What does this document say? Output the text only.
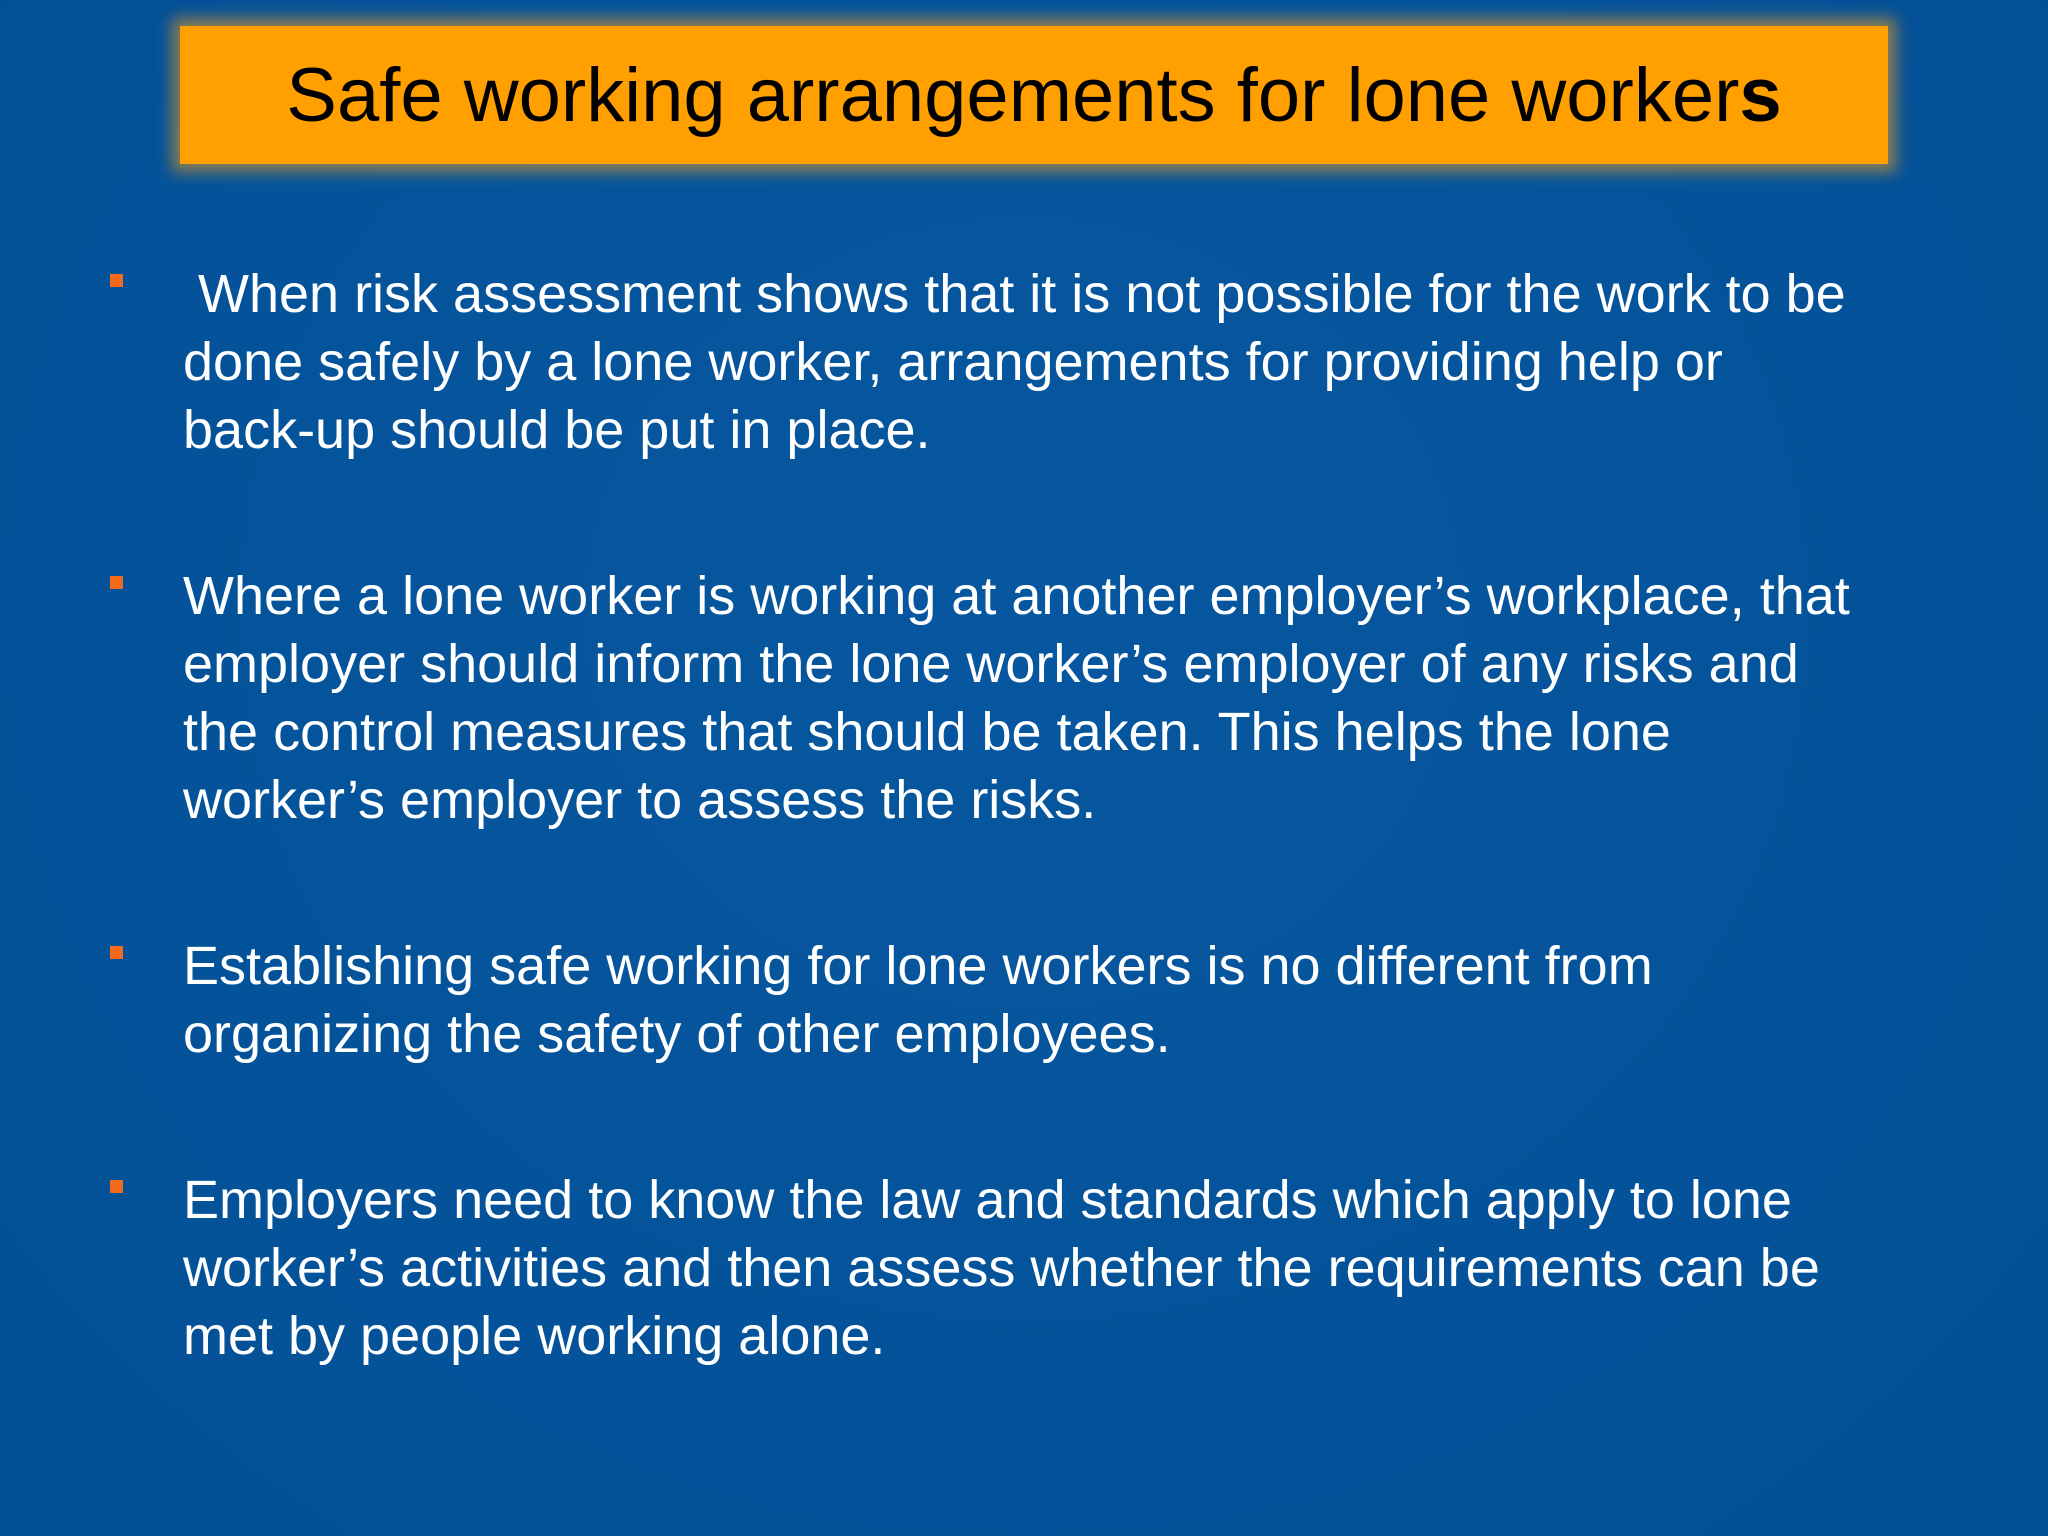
Safe working arrangements for lone workers
When risk assessment shows that it is not possible for the work to be
done safely by a lone worker, arrangements for providing help or
back-up should be put in place.
Where a lone worker is working at another employer’s workplace, that
employer should inform the lone worker’s employer of any risks and
the control measures that should be taken. This helps the lone
worker’s employer to assess the risks.
Establishing safe working for lone workers is no different from
organizing the safety of other employees.
Employers need to know the law and standards which apply to lone
worker’s activities and then assess whether the requirements can be
met by people working alone.
